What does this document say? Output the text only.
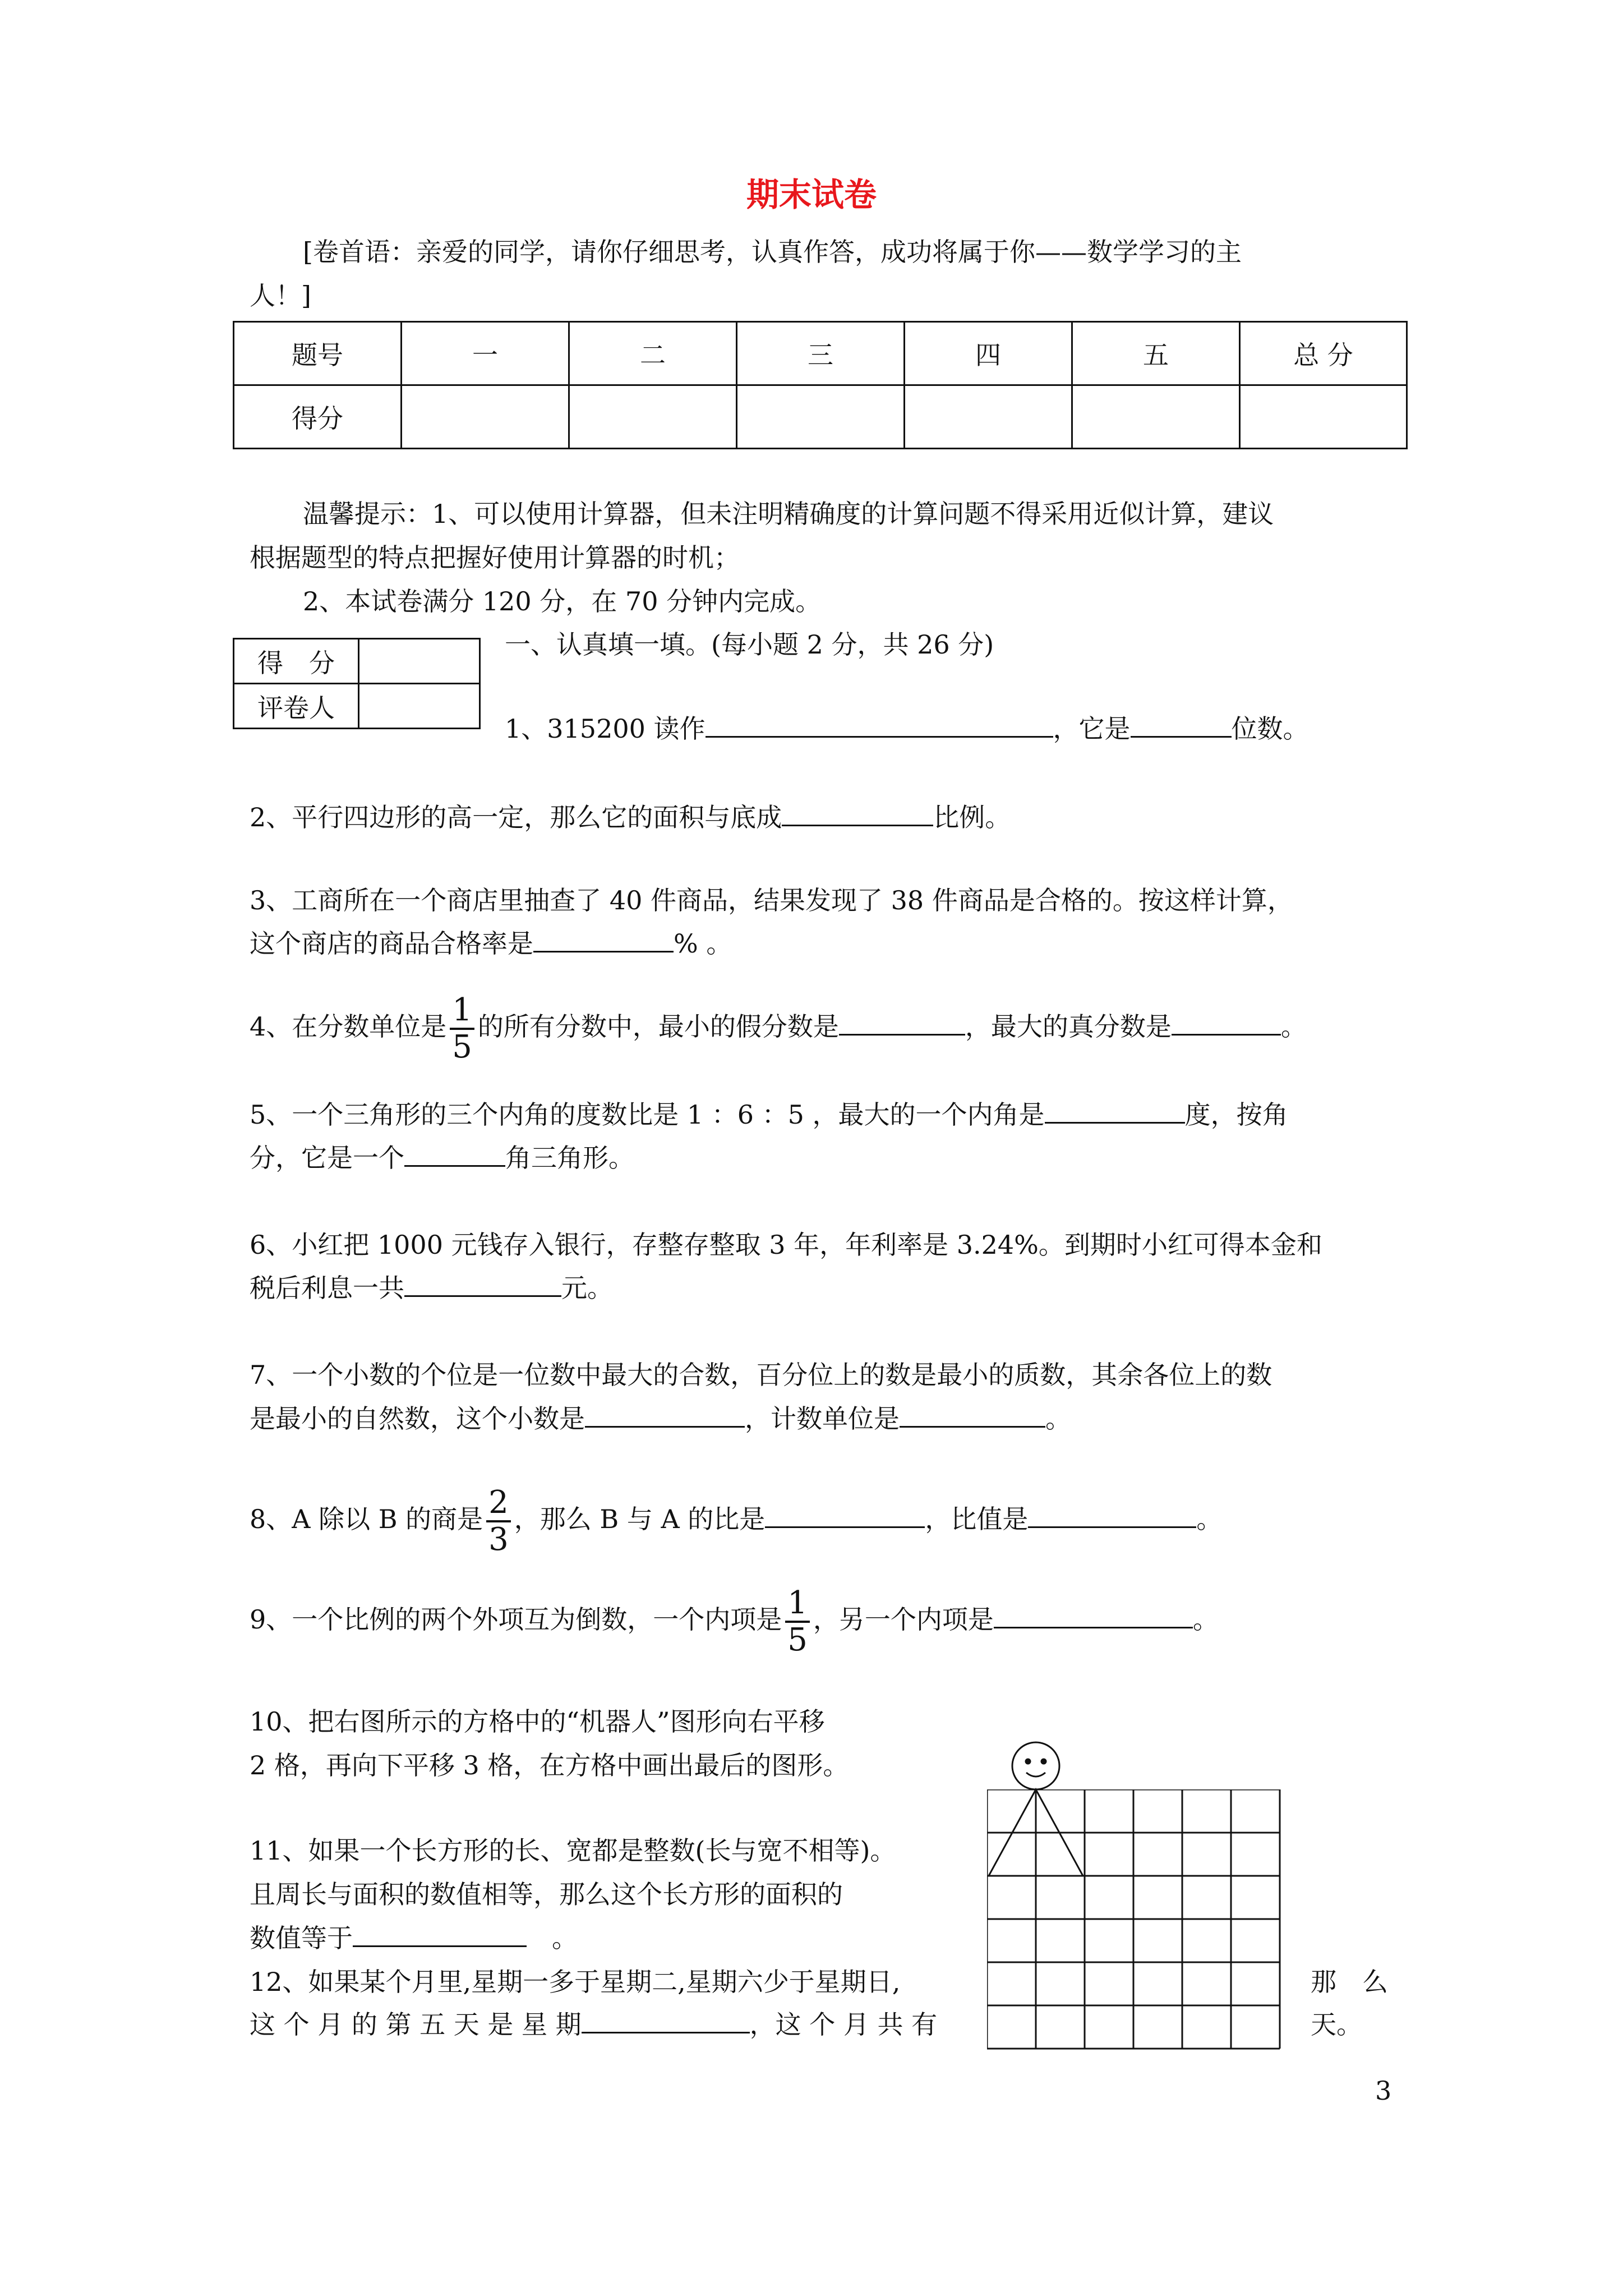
期末试卷
[卷首语：亲爱的同学，请你仔细思考，认真作答，成功将属于你——数学学习的主
人！]
题号	一	二	三	四	五	总 分
得分						
温馨提示：1、可以使用计算器，但未注明精确度的计算问题不得采用近似计算，建议
根据题型的特点把握好使用计算器的时机；
2、本试卷满分 120 分，在 70 分钟内完成。
得　分	
评卷人	
一、认真填一填。(每小题 2 分，共 26 分)
1、315200 读作	，它是	位数。
2、平行四边形的高一定，那么它的面积与底成	比例。
3、工商所在一个商店里抽查了 40 件商品，结果发现了 38 件商品是合格的。按这样计算，
这个商店的商品合格率是	% 。
4、在分数单位是 $\frac{1}{5}$ 的所有分数中，最小的假分数是	，最大的真分数是	。
5、一个三角形的三个内角的度数比是 1 ：6 ：5 ，最大的一个内角是	度，按角
分，它是一个	角三角形。
6、小红把 1000 元钱存入银行，存整存整取 3 年，年利率是 3.24%。到期时小红可得本金和
税后利息一共	元。
7、一个小数的个位是一位数中最大的合数，百分位上的数是最小的质数，其余各位上的数
是最小的自然数，这个小数是	，计数单位是	。
8、A 除以 B 的商是 $\frac{2}{3}$ ，那么 B 与 A 的比是	，比值是	。
9、一个比例的两个外项互为倒数，一个内项是 $\frac{1}{5}$ ，另一个内项是	。
10、把右图所示的方格中的“机器人”图形向右平移
2 格，再向下平移 3 格，在方格中画出最后的图形。
11、如果一个长方形的长、宽都是整数(长与宽不相等)。
且周长与面积的数值相等，那么这个长方形的面积的
数值等于	。
12、如果某个月里,星期一多于星期二,星期六少于星期日,	那　么
这 个 月 的 第 五 天 是 星 期	，这 个 月 共 有	天。
3
